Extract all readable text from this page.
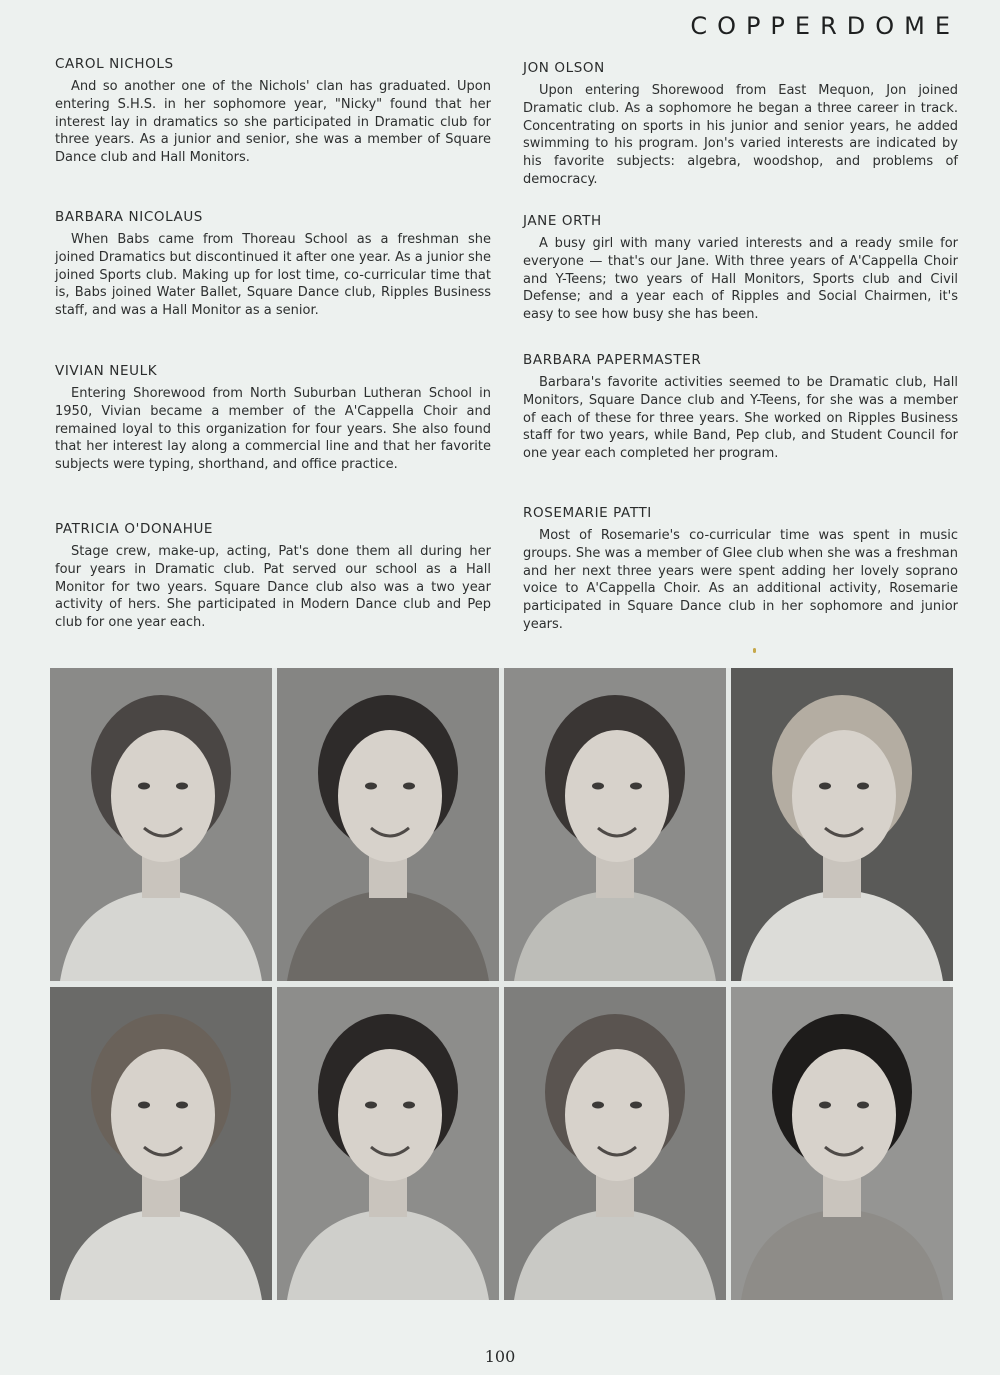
COPPERDOME
CAROL NICHOLS

And so another one of the Nichols' clan has graduated. Upon entering S.H.S. in her sophomore year, "Nicky" found that her interest lay in dramatics so she participated in Dramatic club for three years. As a junior and senior, she was a member of Square Dance club and Hall Monitors.

BARBARA NICOLAUS

When Babs came from Thoreau School as a freshman she joined Dramatics but discontinued it after one year. As a junior she joined Sports club. Making up for lost time, co-curricular time that is, Babs joined Water Ballet, Square Dance club, Ripples Business staff, and was a Hall Monitor as a senior.

VIVIAN NEULK

Entering Shorewood from North Suburban Lutheran School in 1950, Vivian became a member of the A'Cappella Choir and remained loyal to this organization for four years. She also found that her interest lay along a commercial line and that her favorite subjects were typing, shorthand, and office practice.

PATRICIA O'DONAHUE

Stage crew, make-up, acting, Pat's done them all during her four years in Dramatic club. Pat served our school as a Hall Monitor for two years. Square Dance club also was a two year activity of hers. She participated in Modern Dance club and Pep club for one year each.

JON OLSON

Upon entering Shorewood from East Mequon, Jon joined Dramatic club. As a sophomore he began a three career in track. Concentrating on sports in his junior and senior years, he added swimming to his program. Jon's varied interests are indicated by his favorite subjects: algebra, woodshop, and problems of democracy.

JANE ORTH

A busy girl with many varied interests and a ready smile for everyone — that's our Jane. With three years of A'Cappella Choir and Y-Teens; two years of Hall Monitors, Sports club and Civil Defense; and a year each of Ripples and Social Chairmen, it's easy to see how busy she has been.

BARBARA PAPERMASTER

Barbara's favorite activities seemed to be Dramatic club, Hall Monitors, Square Dance club and Y-Teens, for she was a member of each of these for three years. She worked on Ripples Business staff for two years, while Band, Pep club, and Student Council for one year each completed her program.

ROSEMARIE PATTI

Most of Rosemarie's co-curricular time was spent in music groups. She was a member of Glee club when she was a freshman and her next three years were spent adding her lovely soprano voice to A'Cappella Choir. As an additional activity, Rosemarie participated in Square Dance club in her sophomore and junior years.

100
